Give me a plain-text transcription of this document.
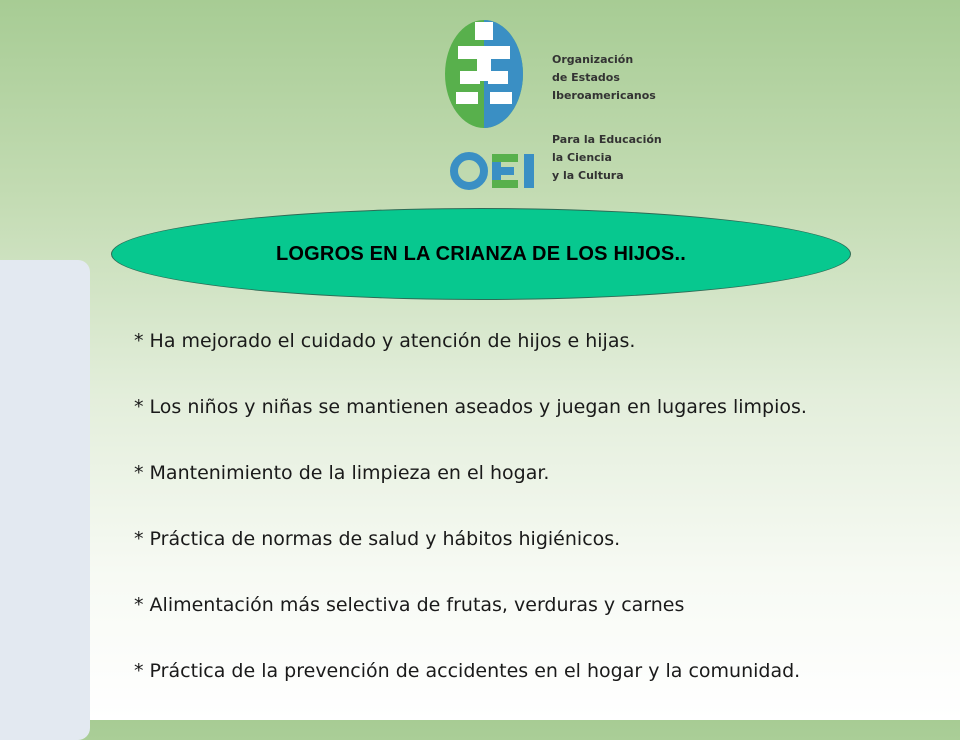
Organización
de Estados
Iberoamericanos
Para la Educación
la Ciencia
y la Cultura
LOGROS EN LA CRIANZA DE LOS HIJOS..
* Ha mejorado el cuidado y atención de hijos e hijas.
* Los niños y niñas se mantienen aseados y juegan en lugares limpios.
* Mantenimiento de la limpieza en el hogar.
* Práctica de normas de salud y hábitos higiénicos.
* Alimentación más selectiva de frutas, verduras y carnes
* Práctica de la prevención de accidentes en el hogar y la comunidad.
